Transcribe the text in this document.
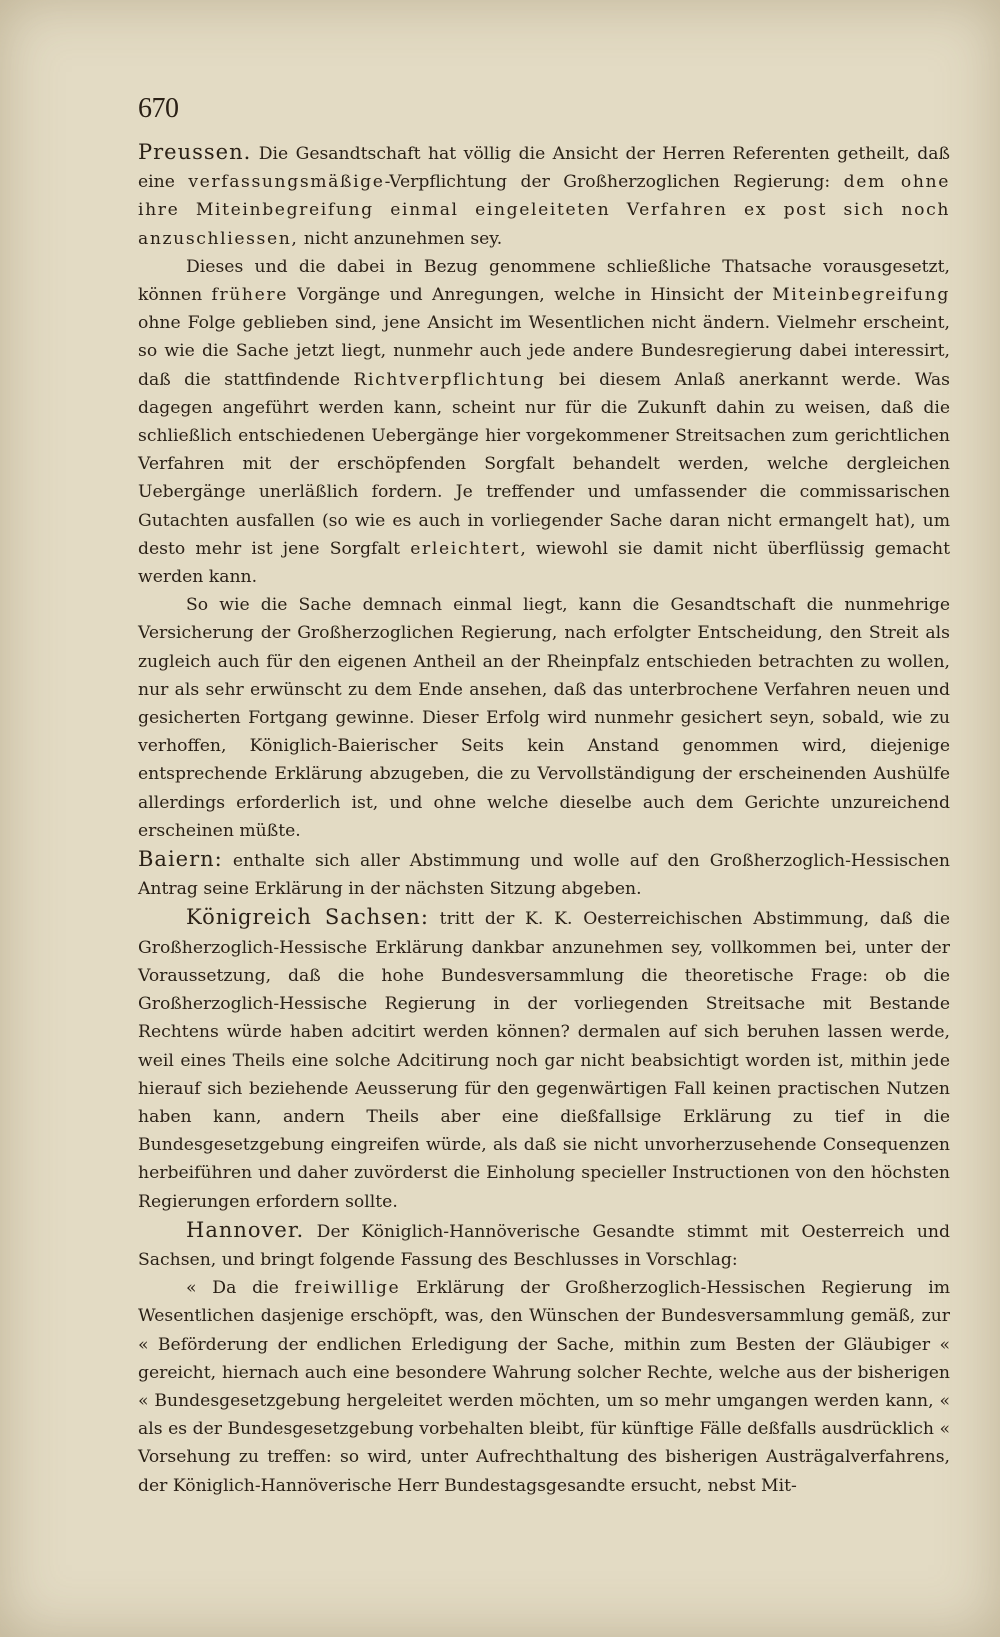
670

Preussen. Die Gesandtschaft hat völlig die Ansicht der Herren Referenten getheilt, daß eine verfassungsmäßige-Verpflichtung der Großherzoglichen Regierung: dem ohne ihre Miteinbegreifung einmal eingeleiteten Verfahren ex post sich noch anzuschliessen, nicht anzunehmen sey.

Dieses und die dabei in Bezug genommene schließliche Thatsache vorausgesetzt, können frühere Vorgänge und Anregungen, welche in Hinsicht der Miteinbegreifung ohne Folge geblieben sind, jene Ansicht im Wesentlichen nicht ändern. Vielmehr erscheint, so wie die Sache jetzt liegt, nunmehr auch jede andere Bundesregierung dabei interessirt, daß die stattfindende Richtverpflichtung bei diesem Anlaß anerkannt werde. Was dagegen angeführt werden kann, scheint nur für die Zukunft dahin zu weisen, daß die schließlich entschiedenen Uebergänge hier vorgekommener Streitsachen zum gerichtlichen Verfahren mit der erschöpfenden Sorgfalt behandelt werden, welche dergleichen Uebergänge unerläßlich fordern. Je treffender und umfassender die commissarischen Gutachten ausfallen (so wie es auch in vorliegender Sache daran nicht ermangelt hat), um desto mehr ist jene Sorgfalt erleichtert, wiewohl sie damit nicht überflüssig gemacht werden kann.

So wie die Sache demnach einmal liegt, kann die Gesandtschaft die nunmehrige Versicherung der Großherzoglichen Regierung, nach erfolgter Entscheidung, den Streit als zugleich auch für den eigenen Antheil an der Rheinpfalz entschieden betrachten zu wollen, nur als sehr erwünscht zu dem Ende ansehen, daß das unterbrochene Verfahren neuen und gesicherten Fortgang gewinne. Dieser Erfolg wird nunmehr gesichert seyn, sobald, wie zu verhoffen, Königlich-Baierischer Seits kein Anstand genommen wird, diejenige entsprechende Erklärung abzugeben, die zu Vervollständigung der erscheinenden Aushülfe allerdings erforderlich ist, und ohne welche dieselbe auch dem Gerichte unzureichend erscheinen müßte.

Baiern: enthalte sich aller Abstimmung und wolle auf den Großherzoglich-Hessischen Antrag seine Erklärung in der nächsten Sitzung abgeben.

Königreich Sachsen: tritt der K. K. Oesterreichischen Abstimmung, daß die Großherzoglich-Hessische Erklärung dankbar anzunehmen sey, vollkommen bei, unter der Voraussetzung, daß die hohe Bundesversammlung die theoretische Frage: ob die Großherzoglich-Hessische Regierung in der vorliegenden Streitsache mit Bestande Rechtens würde haben adcitirt werden können? dermalen auf sich beruhen lassen werde, weil eines Theils eine solche Adcitirung noch gar nicht beabsichtigt worden ist, mithin jede hierauf sich beziehende Aeusserung für den gegenwärtigen Fall keinen practischen Nutzen haben kann, andern Theils aber eine dießfallsige Erklärung zu tief in die Bundesgesetzgebung eingreifen würde, als daß sie nicht unvorherzusehende Consequenzen herbeiführen und daher zuvörderst die Einholung specieller Instructionen von den höchsten Regierungen erfordern sollte.

Hannover. Der Königlich-Hannöverische Gesandte stimmt mit Oesterreich und Sachsen, und bringt folgende Fassung des Beschlusses in Vorschlag:

« Da die freiwillige Erklärung der Großherzoglich-Hessischen Regierung im Wesentlichen dasjenige erschöpft, was, den Wünschen der Bundesversammlung gemäß, zur « Beförderung der endlichen Erledigung der Sache, mithin zum Besten der Gläubiger « gereicht, hiernach auch eine besondere Wahrung solcher Rechte, welche aus der bisherigen « Bundesgesetzgebung hergeleitet werden möchten, um so mehr umgangen werden kann, « als es der Bundesgesetzgebung vorbehalten bleibt, für künftige Fälle deßfalls ausdrücklich « Vorsehung zu treffen: so wird, unter Aufrechthaltung des bisherigen Austrägalverfahrens, der Königlich-Hannöverische Herr Bundestagsgesandte ersucht, nebst Mit-
